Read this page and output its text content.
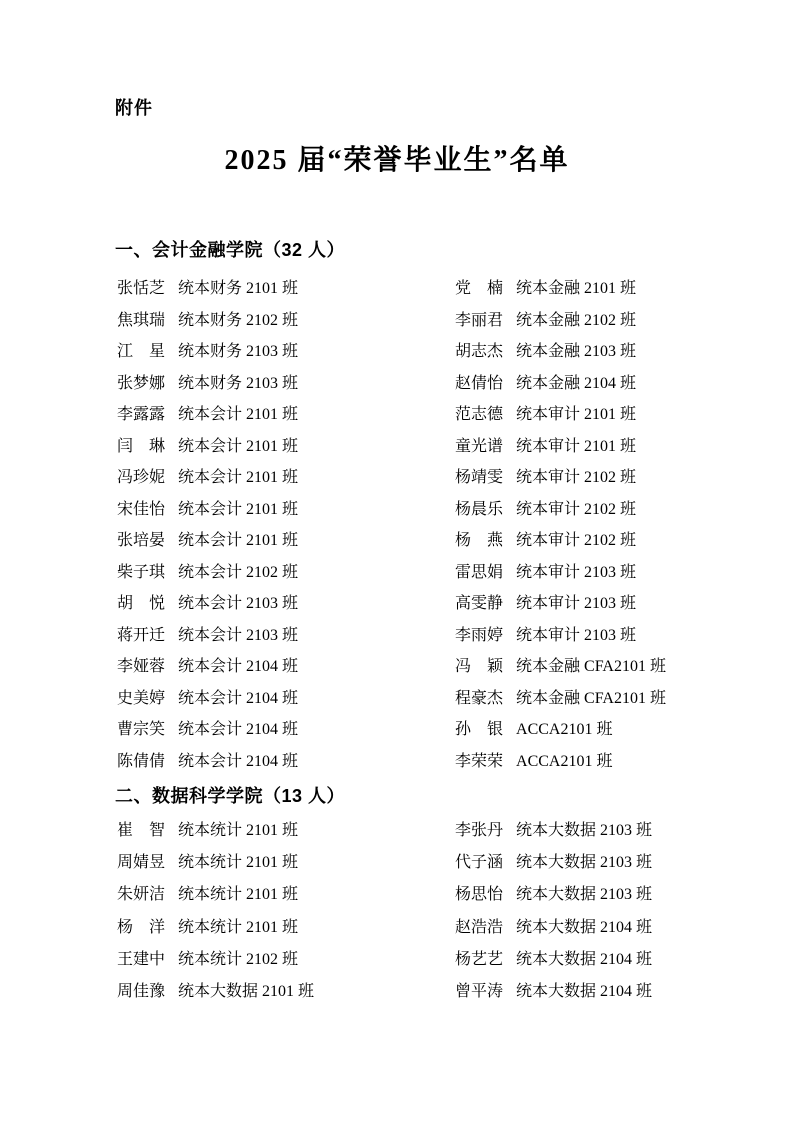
附件
2025 届“荣誉毕业生”名单
一、会计金融学院（32 人）
张恬芝 统本财务 2101 班	党　楠 统本金融 2101 班
焦琪瑞 统本财务 2102 班	李丽君 统本金融 2102 班
江　星 统本财务 2103 班	胡志杰 统本金融 2103 班
张梦娜 统本财务 2103 班	赵倩怡 统本金融 2104 班
李露露 统本会计 2101 班	范志德 统本审计 2101 班
闫　琳 统本会计 2101 班	童光谱 统本审计 2101 班
冯珍妮 统本会计 2101 班	杨靖雯 统本审计 2102 班
宋佳怡 统本会计 2101 班	杨晨乐 统本审计 2102 班
张培晏 统本会计 2101 班	杨　燕 统本审计 2102 班
柴子琪 统本会计 2102 班	雷思娟 统本审计 2103 班
胡　悦 统本会计 2103 班	高雯静 统本审计 2103 班
蒋开迁 统本会计 2103 班	李雨婷 统本审计 2103 班
李娅蓉 统本会计 2104 班	冯　颖 统本金融 CFA2101 班
史美婷 统本会计 2104 班	程豪杰 统本金融 CFA2101 班
曹宗笑 统本会计 2104 班	孙　银 ACCA2101 班
陈倩倩 统本会计 2104 班	李荣荣 ACCA2101 班
二、数据科学学院（13 人）
崔　智 统本统计 2101 班	李张丹 统本大数据 2103 班
周婧昱 统本统计 2101 班	代子涵 统本大数据 2103 班
朱妍洁 统本统计 2101 班	杨思怡 统本大数据 2103 班
杨　洋 统本统计 2101 班	赵浩浩 统本大数据 2104 班
王建中 统本统计 2102 班	杨艺艺 统本大数据 2104 班
周佳豫 统本大数据 2101 班	曾平涛 统本大数据 2104 班
